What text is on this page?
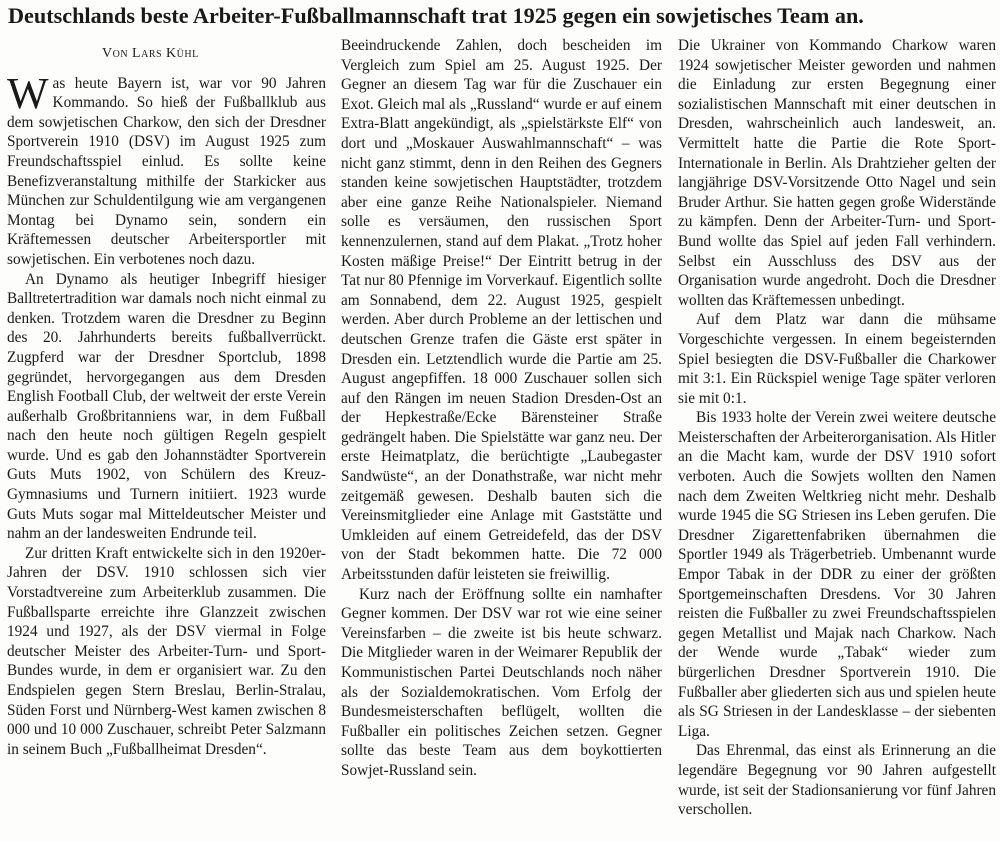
Deutschlands beste Arbeiter-Fußballmannschaft trat 1925 gegen ein sowjetisches Team an.

Von Lars Kühl

Was heute Bayern ist, war vor 90 Jahren Kommando. So hieß der Fußballklub aus dem sowjetischen Charkow, den sich der Dresdner Sportverein 1910 (DSV) im August 1925 zum Freundschaftsspiel einlud. Es sollte keine Benefizveranstaltung mithilfe der Starkicker aus München zur Schuldentilgung wie am vergangenen Montag bei Dynamo sein, sondern ein Kräftemessen deutscher Arbeitersportler mit sowjetischen. Ein verbotenes noch dazu.

An Dynamo als heutiger Inbegriff hiesiger Balltretertradition war damals noch nicht einmal zu denken. Trotzdem waren die Dresdner zu Beginn des 20. Jahrhunderts bereits fußballverrückt. Zugpferd war der Dresdner Sportclub, 1898 gegründet, hervorgegangen aus dem Dresden English Football Club, der weltweit der erste Verein außerhalb Großbritanniens war, in dem Fußball nach den heute noch gültigen Regeln gespielt wurde. Und es gab den Johannstädter Sportverein Guts Muts 1902, von Schülern des Kreuz-Gymnasiums und Turnern initiiert. 1923 wurde Guts Muts sogar mal Mitteldeutscher Meister und nahm an der landesweiten Endrunde teil.

Zur dritten Kraft entwickelte sich in den 1920er-Jahren der DSV. 1910 schlossen sich vier Vorstadtvereine zum Arbeiterklub zusammen. Die Fußballsparte erreichte ihre Glanzzeit zwischen 1924 und 1927, als der DSV viermal in Folge deutscher Meister des Arbeiter-Turn- und Sport-Bundes wurde, in dem er organisiert war. Zu den Endspielen gegen Stern Breslau, Berlin-Stralau, Süden Forst und Nürnberg-West kamen zwischen 8 000 und 10 000 Zuschauer, schreibt Peter Salzmann in seinem Buch „Fußballheimat Dresden“.

Beeindruckende Zahlen, doch bescheiden im Vergleich zum Spiel am 25. August 1925. Der Gegner an diesem Tag war für die Zuschauer ein Exot. Gleich mal als „Russland“ wurde er auf einem Extra-Blatt angekündigt, als „spielstärkste Elf“ von dort und „Moskauer Auswahlmannschaft“ – was nicht ganz stimmt, denn in den Reihen des Gegners standen keine sowjetischen Hauptstädter, trotzdem aber eine ganze Reihe Nationalspieler. Niemand solle es versäumen, den russischen Sport kennenzulernen, stand auf dem Plakat. „Trotz hoher Kosten mäßige Preise!“ Der Eintritt betrug in der Tat nur 80 Pfennige im Vorverkauf. Eigentlich sollte am Sonnabend, dem 22. August 1925, gespielt werden. Aber durch Probleme an der lettischen und deutschen Grenze trafen die Gäste erst später in Dresden ein. Letztendlich wurde die Partie am 25. August angepfiffen. 18 000 Zuschauer sollen sich auf den Rängen im neuen Stadion Dresden-Ost an der Hepkestraße/Ecke Bärensteiner Straße gedrängelt haben. Die Spielstätte war ganz neu. Der erste Heimatplatz, die berüchtigte „Laubegaster Sandwüste“, an der Donathstraße, war nicht mehr zeitgemäß gewesen. Deshalb bauten sich die Vereinsmitglieder eine Anlage mit Gaststätte und Umkleiden auf einem Getreidefeld, das der DSV von der Stadt bekommen hatte. Die 72 000 Arbeitsstunden dafür leisteten sie freiwillig.

Kurz nach der Eröffnung sollte ein namhafter Gegner kommen. Der DSV war rot wie eine seiner Vereinsfarben – die zweite ist bis heute schwarz. Die Mitglieder waren in der Weimarer Republik der Kommunistischen Partei Deutschlands noch näher als der Sozialdemokratischen. Vom Erfolg der Bundesmeisterschaften beflügelt, wollten die Fußballer ein politisches Zeichen setzen. Gegner sollte das beste Team aus dem boykottierten Sowjet-Russland sein.

Die Ukrainer von Kommando Charkow waren 1924 sowjetischer Meister geworden und nahmen die Einladung zur ersten Begegnung einer sozialistischen Mannschaft mit einer deutschen in Dresden, wahrscheinlich auch landesweit, an. Vermittelt hatte die Partie die Rote Sport-Internationale in Berlin. Als Drahtzieher gelten der langjährige DSV-Vorsitzende Otto Nagel und sein Bruder Arthur. Sie hatten gegen große Widerstände zu kämpfen. Denn der Arbeiter-Turn- und Sport-Bund wollte das Spiel auf jeden Fall verhindern. Selbst ein Ausschluss des DSV aus der Organisation wurde angedroht. Doch die Dresdner wollten das Kräftemessen unbedingt.

Auf dem Platz war dann die mühsame Vorgeschichte vergessen. In einem begeisternden Spiel besiegten die DSV-Fußballer die Charkower mit 3:1. Ein Rückspiel wenige Tage später verloren sie mit 0:1.

Bis 1933 holte der Verein zwei weitere deutsche Meisterschaften der Arbeiterorganisation. Als Hitler an die Macht kam, wurde der DSV 1910 sofort verboten. Auch die Sowjets wollten den Namen nach dem Zweiten Weltkrieg nicht mehr. Deshalb wurde 1945 die SG Striesen ins Leben gerufen. Die Dresdner Zigarettenfabriken übernahmen die Sportler 1949 als Trägerbetrieb. Umbenannt wurde Empor Tabak in der DDR zu einer der größten Sportgemeinschaften Dresdens. Vor 30 Jahren reisten die Fußballer zu zwei Freundschaftsspielen gegen Metallist und Majak nach Charkow. Nach der Wende wurde „Tabak“ wieder zum bürgerlichen Dresdner Sportverein 1910. Die Fußballer aber gliederten sich aus und spielen heute als SG Striesen in der Landesklasse – der siebenten Liga.

Das Ehrenmal, das einst als Erinnerung an die legendäre Begegnung vor 90 Jahren aufgestellt wurde, ist seit der Stadionsanierung vor fünf Jahren verschollen.
